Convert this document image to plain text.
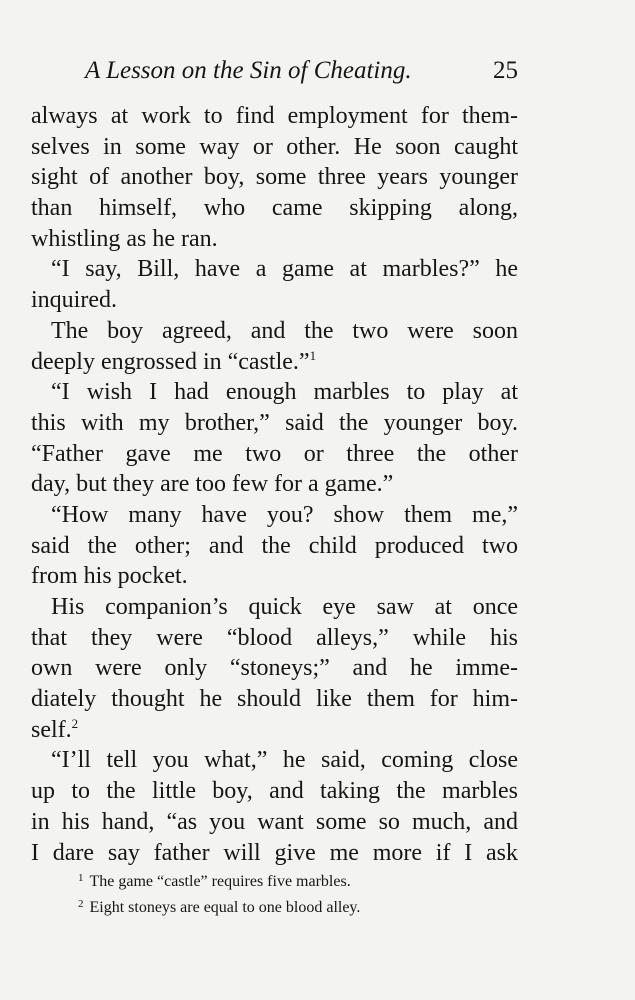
A Lesson on the Sin of Cheating.	25
always at work to find employment for them-
selves in some way or other. He soon caught
sight of another boy, some three years younger
than himself, who came skipping along,
whistling as he ran.
“I say, Bill, have a game at marbles?” he
inquired.
The boy agreed, and the two were soon
deeply engrossed in “castle.”$^1$
“I wish I had enough marbles to play at
this with my brother,” said the younger boy.
“Father gave me two or three the other
day, but they are too few for a game.”
“How many have you? show them me,”
said the other; and the child produced two
from his pocket.
His companion’s quick eye saw at once
that they were “blood alleys,” while his
own were only “stoneys;” and he imme-
diately thought he should like them for him-
self.$^2$
“I’ll tell you what,” he said, coming close
up to the little boy, and taking the marbles
in his hand, “as you want some so much, and
I dare say father will give me more if I ask
$^1$ The game “castle” requires five marbles.
$^2$ Eight stoneys are equal to one blood alley.
